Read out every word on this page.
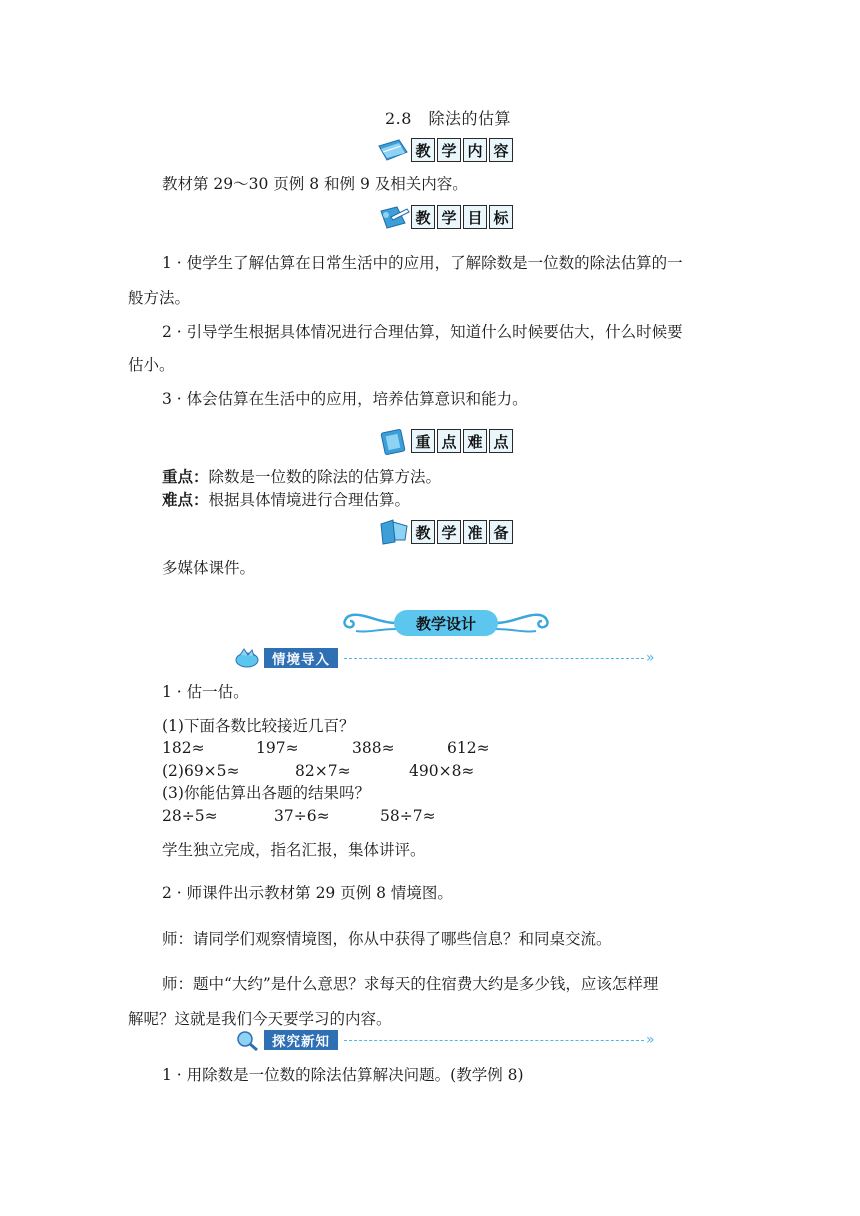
2.8　除法的估算
教 学 内 容
教材第 29～30 页例 8 和例 9 及相关内容。
教 学 目 标
1 · 使学生了解估算在日常生活中的应用，了解除数是一位数的除法估算的一
般方法。
2 · 引导学生根据具体情况进行合理估算，知道什么时候要估大，什么时候要
估小。
3 · 体会估算在生活中的应用，培养估算意识和能力。
重 点 难 点
重点：除数是一位数的除法的估算方法。
难点：根据具体情境进行合理估算。
教 学 准 备
多媒体课件。
教学设计
情境导入	»
1 · 估一估。
(1)下面各数比较接近几百？
182≈	197≈	388≈	612≈
(2)69×5≈	82×7≈	490×8≈
(3)你能估算出各题的结果吗？
28÷5≈	37÷6≈	58÷7≈
学生独立完成，指名汇报，集体讲评。
2 · 师课件出示教材第 29 页例 8 情境图。
师：请同学们观察情境图，你从中获得了哪些信息？和同桌交流。
师：题中“大约”是什么意思？求每天的住宿费大约是多少钱，应该怎样理
解呢？这就是我们今天要学习的内容。
探究新知	»
1 · 用除数是一位数的除法估算解决问题。(教学例 8)
